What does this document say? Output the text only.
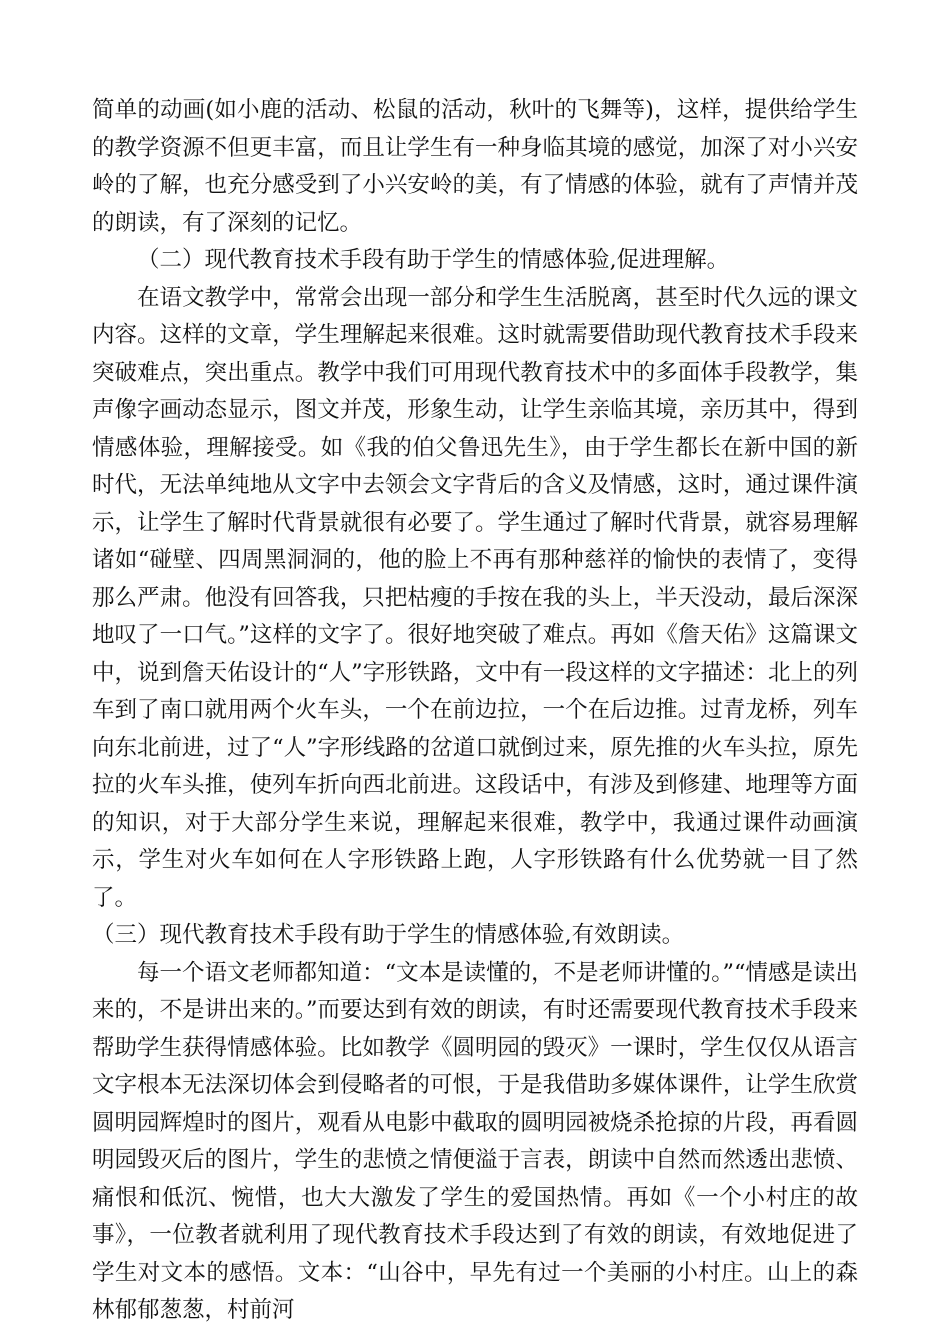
简单的动画(如小鹿的活动、松鼠的活动，秋叶的飞舞等)，这样，提供给学生的教学资源不但更丰富，而且让学生有一种身临其境的感觉，加深了对小兴安岭的了解，也充分感受到了小兴安岭的美，有了情感的体验，就有了声情并茂的朗读，有了深刻的记忆。

（二）现代教育技术手段有助于学生的情感体验,促进理解。

在语文教学中，常常会出现一部分和学生生活脱离，甚至时代久远的课文内容。这样的文章，学生理解起来很难。这时就需要借助现代教育技术手段来突破难点，突出重点。教学中我们可用现代教育技术中的多面体手段教学，集声像字画动态显示，图文并茂，形象生动，让学生亲临其境，亲历其中，得到情感体验，理解接受。如《我的伯父鲁迅先生》，由于学生都长在新中国的新时代，无法单纯地从文字中去领会文字背后的含义及情感，这时，通过课件演示，让学生了解时代背景就很有必要了。学生通过了解时代背景，就容易理解诸如“碰壁、四周黑洞洞的，他的脸上不再有那种慈祥的愉快的表情了，变得那么严肃。他没有回答我，只把枯瘦的手按在我的头上，半天没动，最后深深地叹了一口气。”这样的文字了。很好地突破了难点。再如《詹天佑》这篇课文中，说到詹天佑设计的“人”字形铁路，文中有一段这样的文字描述：北上的列车到了南口就用两个火车头，一个在前边拉，一个在后边推。过青龙桥，列车向东北前进，过了“人”字形线路的岔道口就倒过来，原先推的火车头拉，原先拉的火车头推，使列车折向西北前进。这段话中，有涉及到修建、地理等方面的知识，对于大部分学生来说，理解起来很难，教学中，我通过课件动画演示，学生对火车如何在人字形铁路上跑，人字形铁路有什么优势就一目了然了。

（三）现代教育技术手段有助于学生的情感体验,有效朗读。

每一个语文老师都知道：“文本是读懂的，不是老师讲懂的。”“情感是读出来的，不是讲出来的。”而要达到有效的朗读，有时还需要现代教育技术手段来帮助学生获得情感体验。比如教学《圆明园的毁灭》一课时，学生仅仅从语言文字根本无法深切体会到侵略者的可恨，于是我借助多媒体课件，让学生欣赏圆明园辉煌时的图片，观看从电影中截取的圆明园被烧杀抢掠的片段，再看圆明园毁灭后的图片，学生的悲愤之情便溢于言表，朗读中自然而然透出悲愤、痛恨和低沉、惋惜，也大大激发了学生的爱国热情。再如《一个小村庄的故事》，一位教者就利用了现代教育技术手段达到了有效的朗读，有效地促进了学生对文本的感悟。文本：“山谷中，早先有过一个美丽的小村庄。山上的森林郁郁葱葱，村前河
